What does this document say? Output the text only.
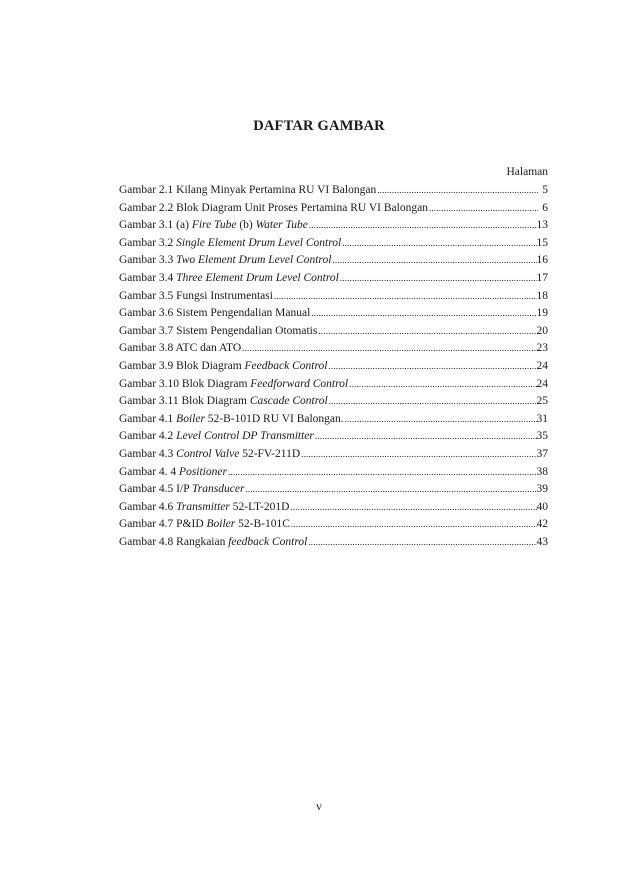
DAFTAR GAMBAR
Halaman
Gambar 2.1 Kilang Minyak Pertamina RU VI Balongan .....	5
Gambar 2.2 Blok Diagram Unit Proses Pertamina RU VI Balongan .....	6
Gambar 3.1 (a) Fire Tube (b) Water Tube .....	13
Gambar 3.2 Single Element Drum Level Control .....	15
Gambar 3.3 Two Element Drum Level Control .....	16
Gambar 3.4 Three Element Drum Level Control .....	17
Gambar 3.5 Fungsi Instrumentasi .....	18
Gambar 3.6 Sistem Pengendalian Manual .....	19
Gambar 3.7 Sistem Pengendalian Otomatis .....	20
Gambar 3.8 ATC dan ATO .....	23
Gambar 3.9 Blok Diagram Feedback Control .....	24
Gambar 3.10 Blok Diagram Feedforward Control .....	24
Gambar 3.11 Blok Diagram Cascade Control .....	25
Gambar 4.1 Boiler 52-B-101D RU VI Balongan. .....	31
Gambar 4.2 Level Control DP Transmitter .....	35
Gambar 4.3 Control Valve 52-FV-211D .....	37
Gambar 4. 4 Positioner .....	38
Gambar 4.5 I/P Transducer .....	39
Gambar 4.6 Transmitter 52-LT-201D .....	40
Gambar 4.7 P&ID Boiler 52-B-101C .....	42
Gambar 4.8 Rangkaian feedback Control .....	43
v
